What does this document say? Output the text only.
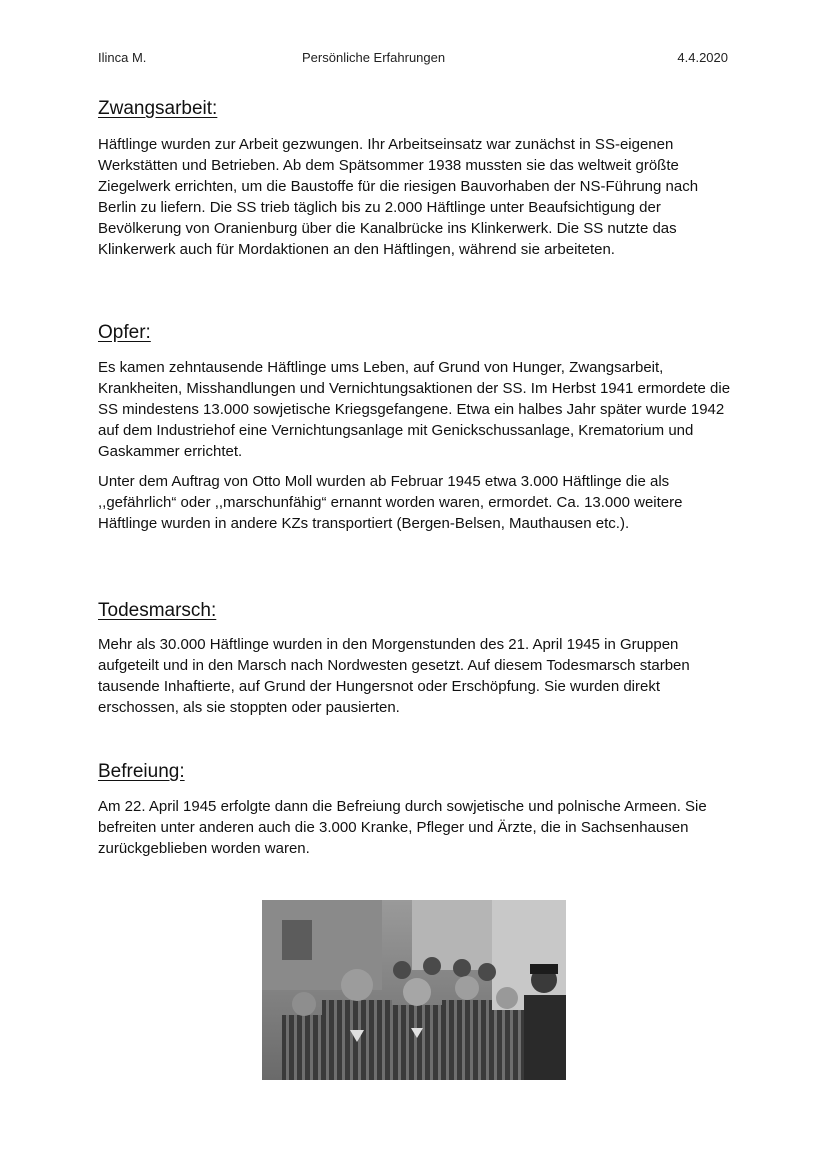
Ilinca M.	Persönliche Erfahrungen	4.4.2020
Zwangsarbeit:

Häftlinge wurden zur Arbeit gezwungen. Ihr Arbeitseinsatz war zunächst in SS-eigenen Werkstätten und Betrieben. Ab dem Spätsommer 1938 mussten sie das weltweit größte Ziegelwerk errichten, um die Baustoffe für die riesigen Bauvorhaben der NS-Führung nach Berlin zu liefern. Die SS trieb täglich bis zu 2.000 Häftlinge unter Beaufsichtigung der Bevölkerung von Oranienburg über die Kanalbrücke ins Klinkerwerk. Die SS nutzte das Klinkerwerk auch für Mordaktionen an den Häftlingen, während sie arbeiteten.

Opfer:

Es kamen zehntausende Häftlinge ums Leben, auf Grund von Hunger, Zwangsarbeit, Krankheiten, Misshandlungen und Vernichtungsaktionen der SS. Im Herbst 1941 ermordete die SS mindestens 13.000 sowjetische Kriegsgefangene. Etwa ein halbes Jahr später wurde 1942 auf dem Industriehof eine Vernichtungsanlage mit Genickschussanlage, Krematorium und Gaskammer errichtet.

Unter dem Auftrag von Otto Moll wurden ab Februar 1945 etwa 3.000 Häftlinge die als ,,gefährlich“ oder ,,marschunfähig“ ernannt worden waren, ermordet. Ca. 13.000 weitere Häftlinge wurden in andere KZs transportiert (Bergen-Belsen, Mauthausen etc.).

Todesmarsch:

Mehr als 30.000 Häftlinge wurden in den Morgenstunden des 21. April 1945 in Gruppen aufgeteilt und in den Marsch nach Nordwesten gesetzt. Auf diesem Todesmarsch starben tausende Inhaftierte, auf Grund der Hungersnot oder Erschöpfung. Sie wurden direkt erschossen, als sie stoppten oder pausierten.

Befreiung:

Am 22. April 1945 erfolgte dann die Befreiung durch sowjetische und polnische Armeen. Sie befreiten unter anderen auch die 3.000 Kranke, Pfleger und Ärzte, die in Sachsenhausen zurückgeblieben worden waren.
